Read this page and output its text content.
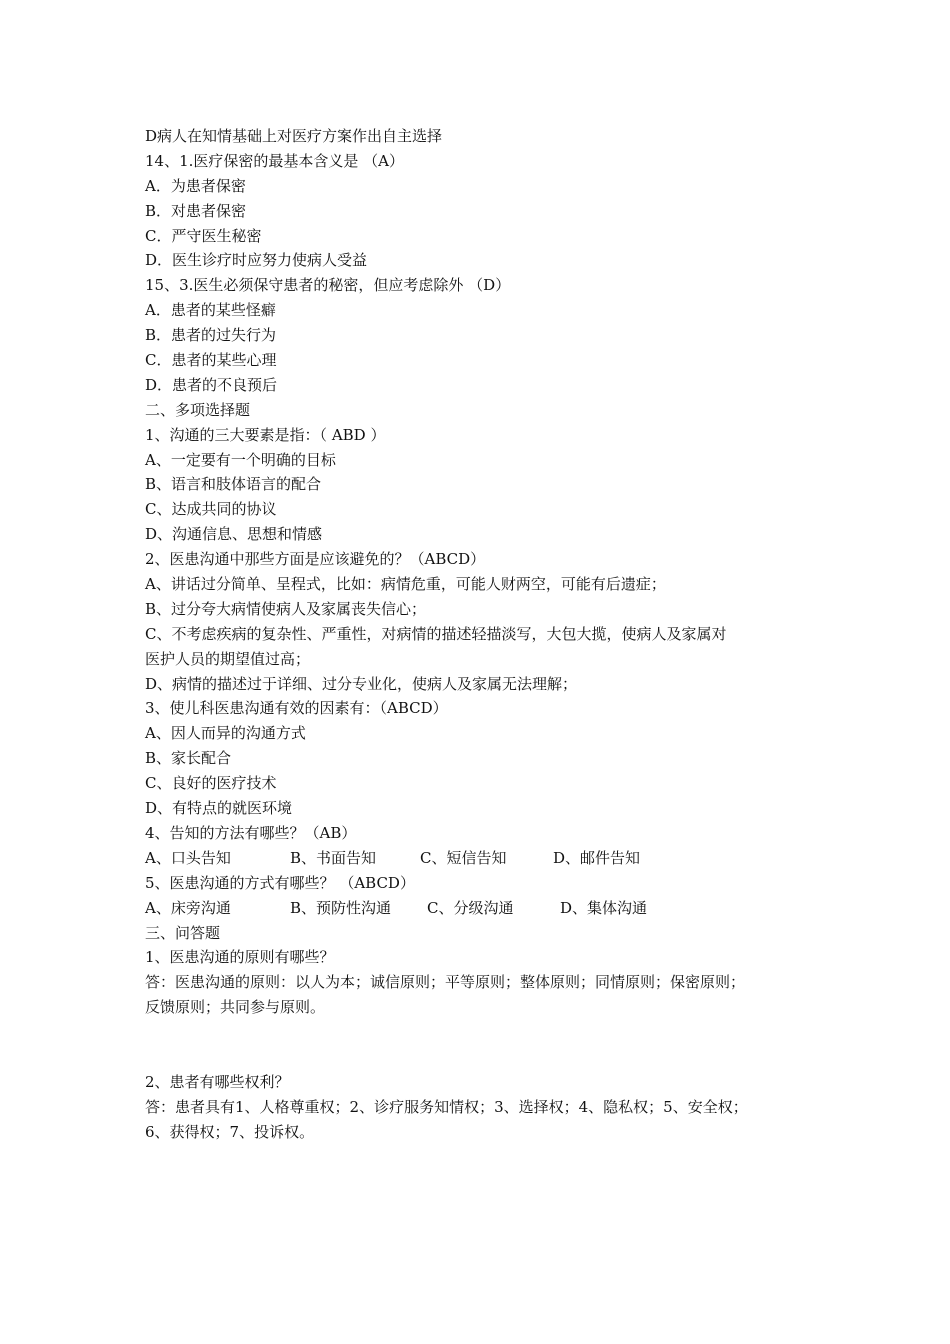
D病人在知情基础上对医疗方案作出自主选择
14、1.医疗保密的最基本含义是 （A）
A．为患者保密
B．对患者保密
C．严守医生秘密
D．医生诊疗时应努力使病人受益
15、3.医生必须保守患者的秘密，但应考虑除外 （D）
A．患者的某些怪癖
B．患者的过失行为
C．患者的某些心理
D．患者的不良预后
二、多项选择题
1、沟通的三大要素是指：（ ABD ）
A、一定要有一个明确的目标
B、语言和肢体语言的配合
C、达成共同的协议
D、沟通信息、思想和情感
2、医患沟通中那些方面是应该避免的？（ABCD）
A、讲话过分简单、呈程式，比如：病情危重，可能人财两空，可能有后遗症；
B、过分夸大病情使病人及家属丧失信心；
C、不考虑疾病的复杂性、严重性，对病情的描述轻描淡写，大包大揽，使病人及家属对
医护人员的期望值过高；
D、病情的描述过于详细、过分专业化，使病人及家属无法理解；
3、使儿科医患沟通有效的因素有：（ABCD）
A、因人而异的沟通方式
B、家长配合
C、良好的医疗技术
D、有特点的就医环境
4、告知的方法有哪些？（AB）
A、口头告知	B、书面告知	C、短信告知	D、邮件告知
5、医患沟通的方式有哪些？ （ABCD）
A、床旁沟通	B、预防性沟通	C、分级沟通	D、集体沟通
三、问答题
1、医患沟通的原则有哪些？
答：医患沟通的原则：以人为本；诚信原则；平等原则；整体原则；同情原则；保密原则；
反馈原则；共同参与原则。
2、患者有哪些权利？
答：患者具有1、人格尊重权；2、诊疗服务知情权；3、选择权；4、隐私权；5、安全权；
6、获得权；7、投诉权。
